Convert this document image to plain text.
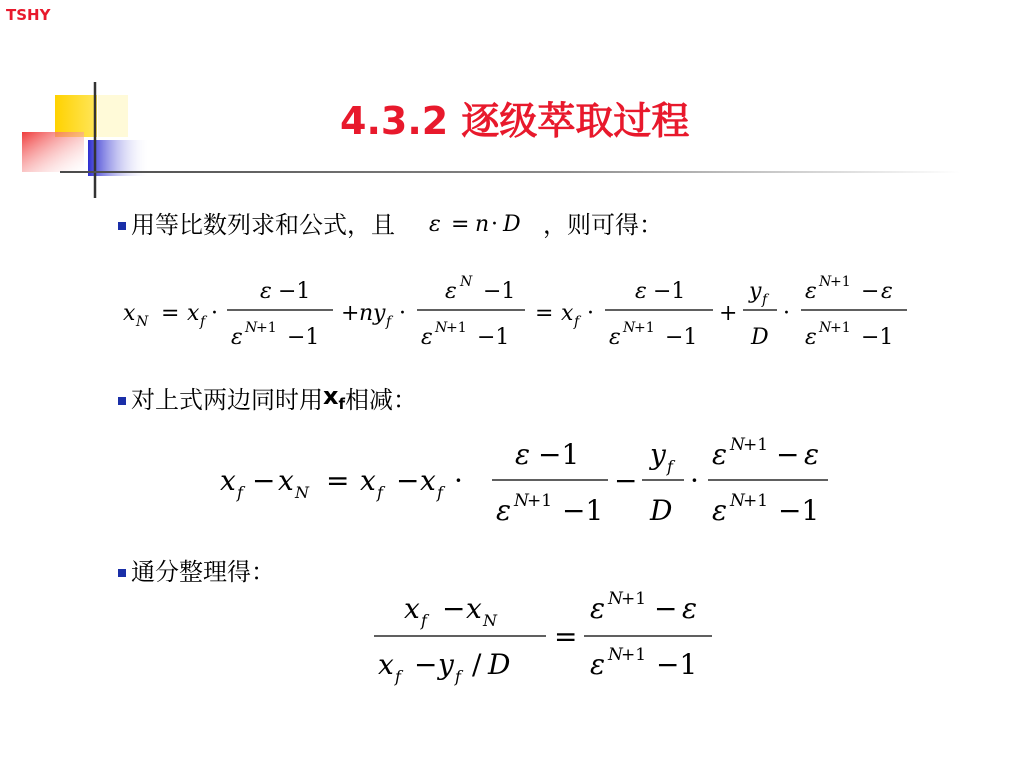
TSHY
4.3.2 逐级萃取过程
用等比数列求和公式，且 ε = n · D ，则可得：
x N = x f ·
ε −1
ε N
+1 −1
+ n y f ·
ε N −1
ε N
+1 −1
= x f ·
ε −1
ε N
+1 −1
+
y f
D
·
ε N
+1 − ε
ε N
+1 −1
对上式两边同时用 $x_f$ 相减：
x f − x N = x f − x f ·
ε −1
ε N
+1 −1
−
y f
D
·
ε N
+1 − ε
ε N
+1 −1
通分整理得：
x f − x N
x f − y f / D
=
ε N
+1 − ε
ε N
+1 −1
